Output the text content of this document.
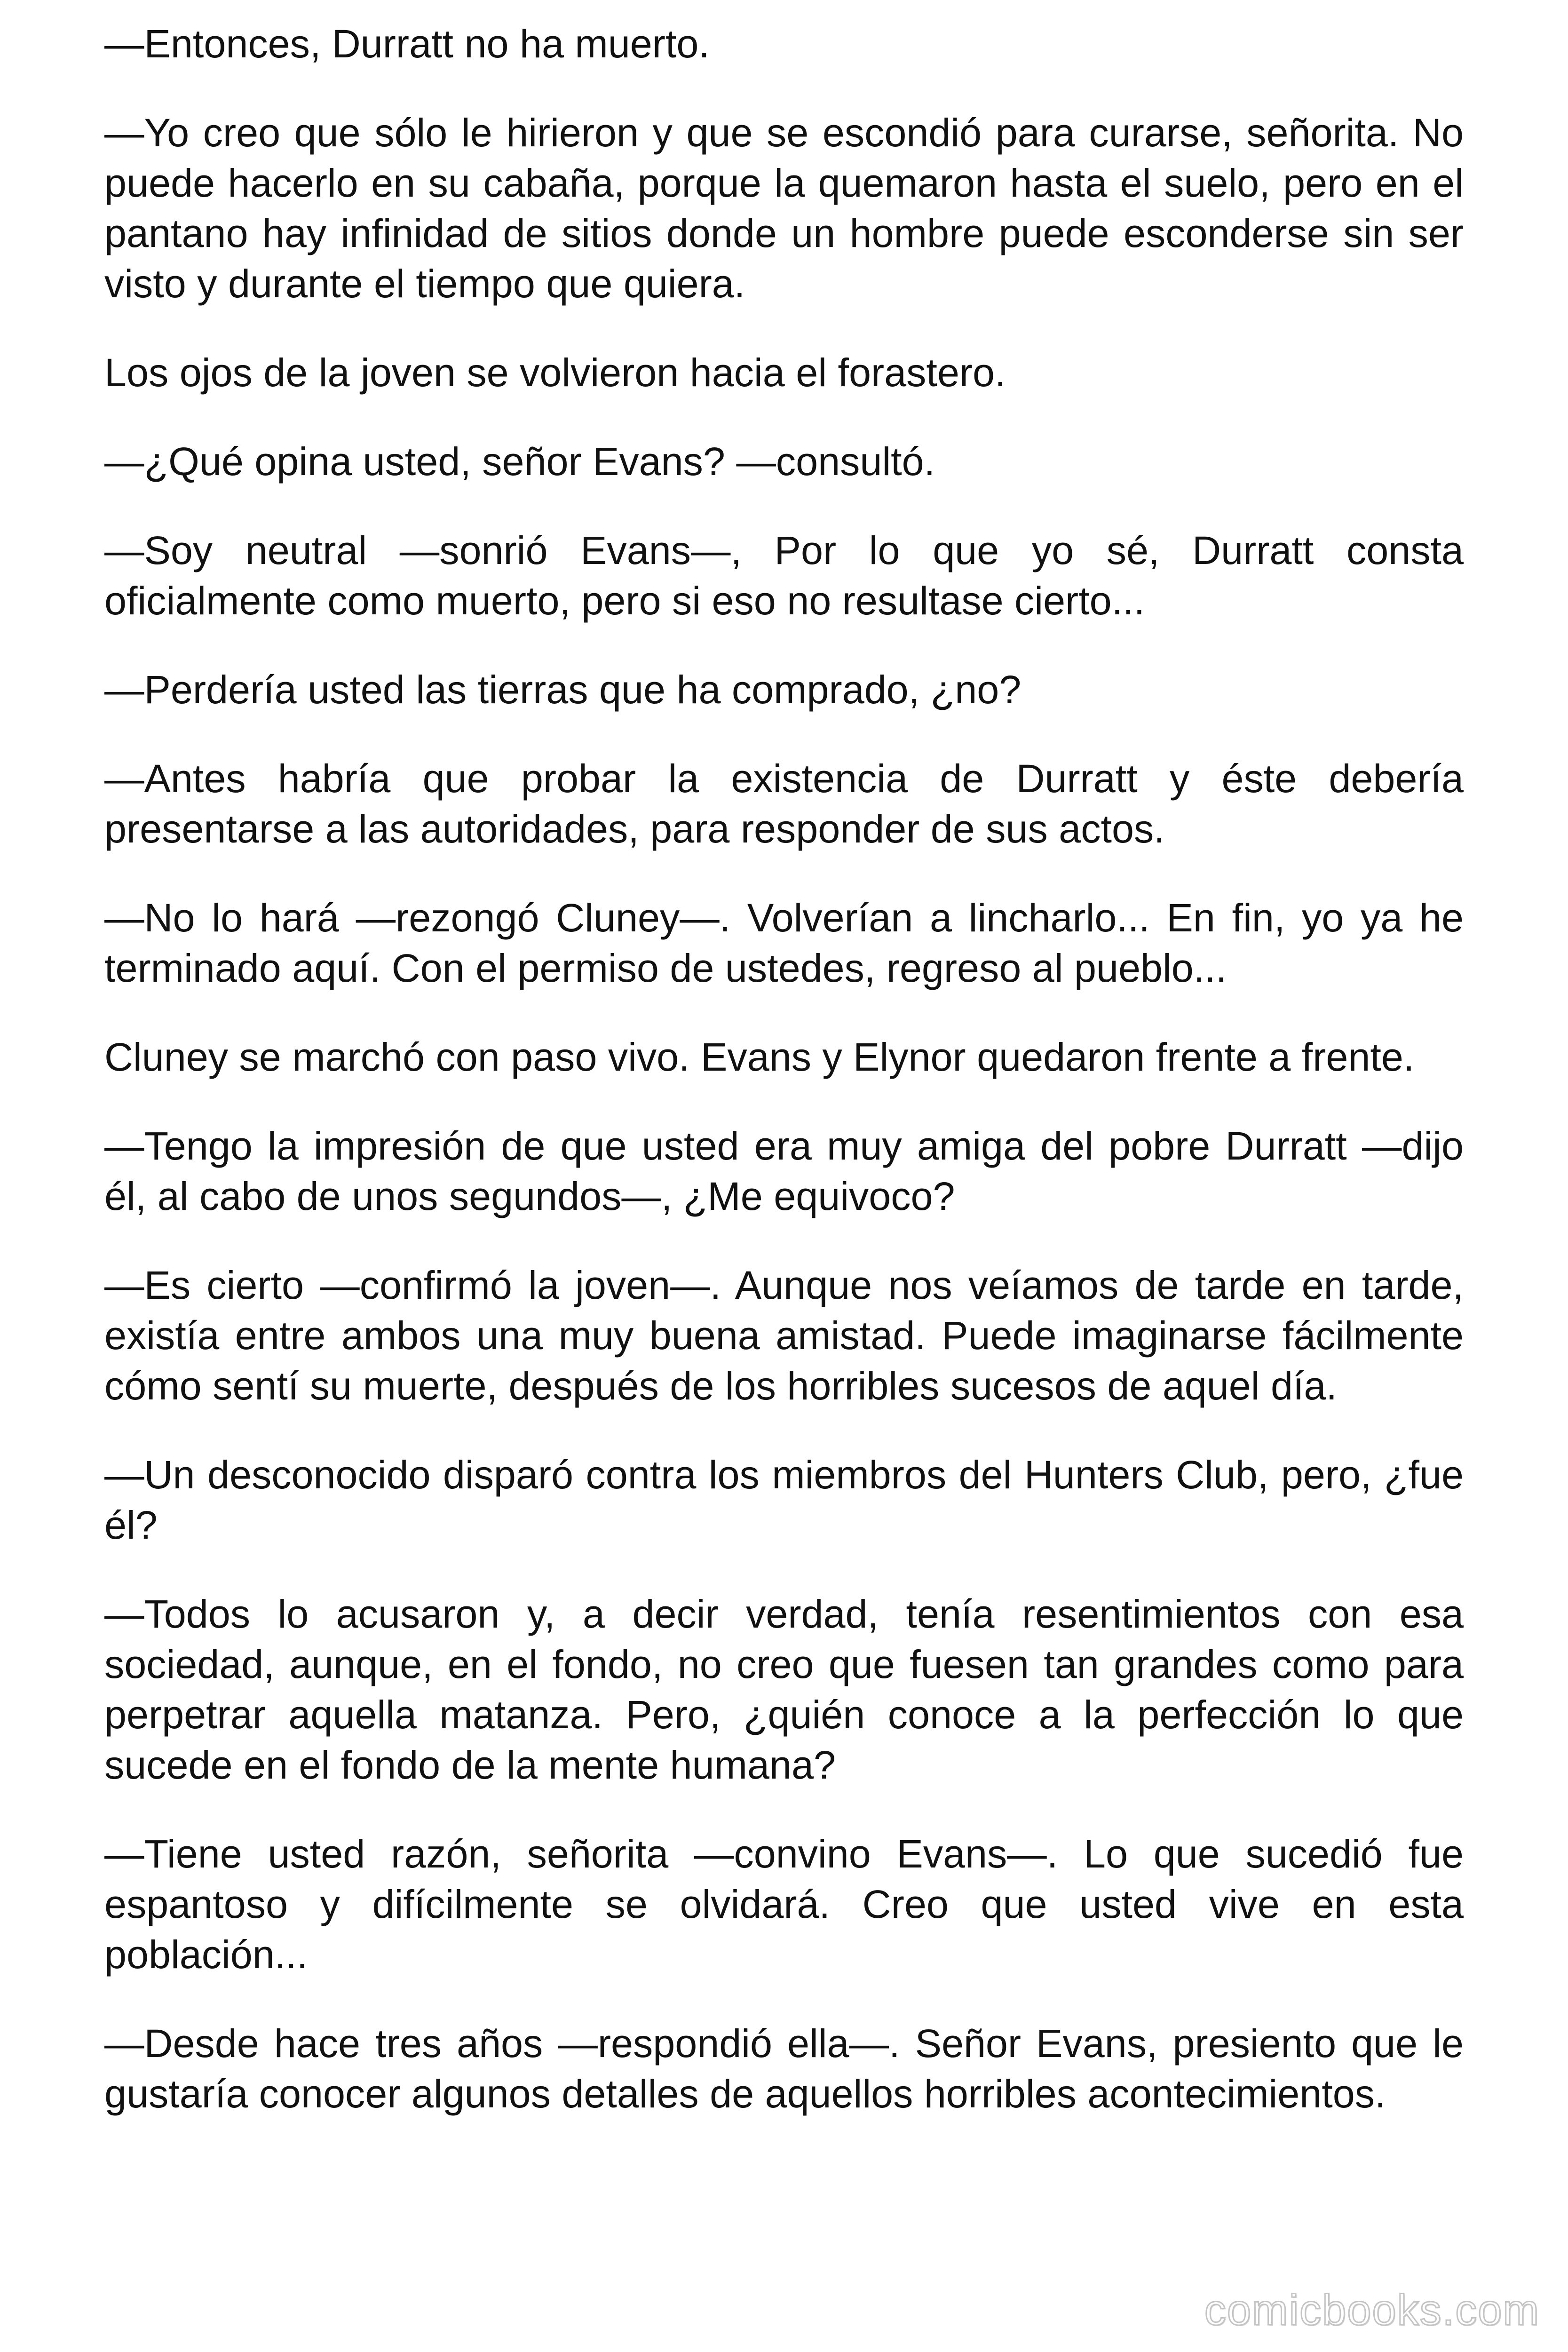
—Entonces, Durratt no ha muerto.

—Yo creo que sólo le hirieron y que se escondió para curarse, señorita. No puede hacerlo en su cabaña, porque la quemaron hasta el suelo, pero en el pantano hay infinidad de sitios donde un hombre puede esconderse sin ser visto y durante el tiempo que quiera.

Los ojos de la joven se volvieron hacia el forastero.

—¿Qué opina usted, señor Evans? —consultó.

—Soy neutral —sonrió Evans—, Por lo que yo sé, Durratt consta oficialmente como muerto, pero si eso no resultase cierto...

—Perdería usted las tierras que ha comprado, ¿no?

—Antes habría que probar la existencia de Durratt y éste debería presentarse a las autoridades, para responder de sus actos.

—No lo hará —rezongó Cluney—. Volverían a lincharlo... En fin, yo ya he terminado aquí. Con el permiso de ustedes, regreso al pueblo...

Cluney se marchó con paso vivo. Evans y Elynor quedaron frente a frente.

—Tengo la impresión de que usted era muy amiga del pobre Durratt —dijo él, al cabo de unos segundos—, ¿Me equivoco?

—Es cierto —confirmó la joven—. Aunque nos veíamos de tarde en tarde, existía entre ambos una muy buena amistad. Puede imaginarse fácilmente cómo sentí su muerte, después de los horribles sucesos de aquel día.

—Un desconocido disparó contra los miembros del Hunters Club, pero, ¿fue él?

—Todos lo acusaron y, a decir verdad, tenía resentimientos con esa sociedad, aunque, en el fondo, no creo que fuesen tan grandes como para perpetrar aquella matanza. Pero, ¿quién conoce a la perfección lo que sucede en el fondo de la mente humana?

—Tiene usted razón, señorita —convino Evans—. Lo que sucedió fue espantoso y difícilmente se olvidará. Creo que usted vive en esta población...

—Desde hace tres años —respondió ella—. Señor Evans, presiento que le gustaría conocer algunos detalles de aquellos horribles acontecimientos.

comicbooks.com
